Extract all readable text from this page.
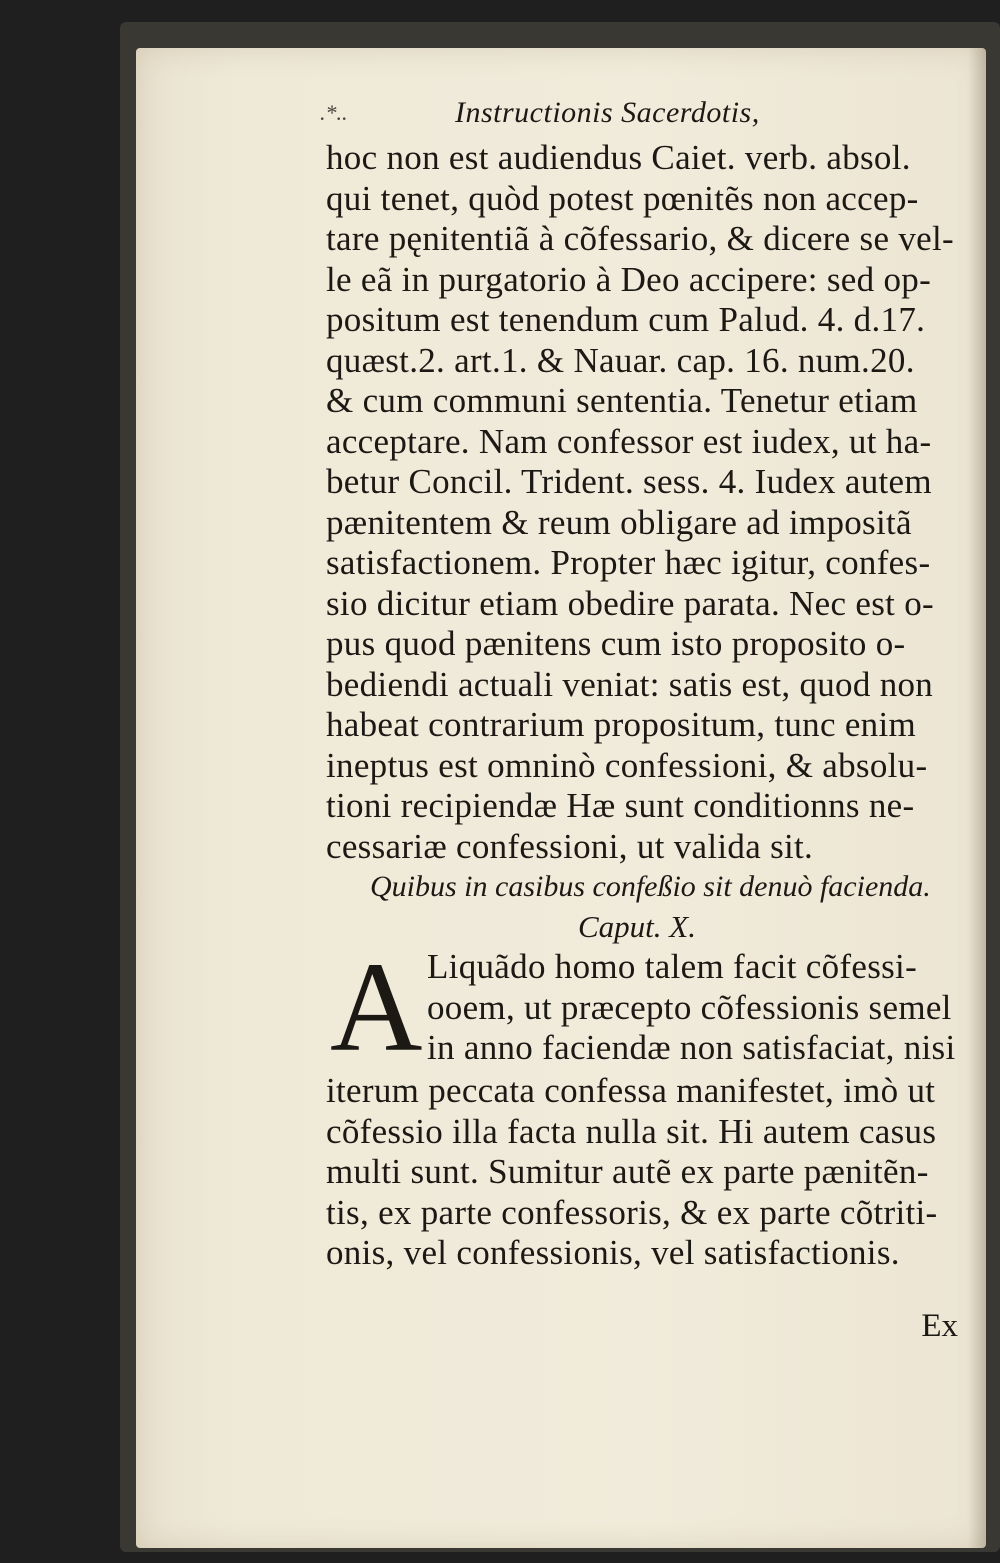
.*..	Instructionis Sacerdotis,
hoc non est audiendus Caiet. verb. absol.
qui tenet, quòd potest pœnitẽs non accep-
tare pęnitentiã à cõfessario, & dicere se vel-
le eã in purgatorio à Deo accipere: sed op-
positum est tenendum cum Palud. 4. d.17.
quæst.2. art.1. & Nauar. cap. 16. num.20.
& cum communi sententia. Tenetur etiam
acceptare. Nam confessor est iudex, ut ha-
betur Concil. Trident. sess. 4. Iudex autem
pænitentem & reum obligare ad impositã
satisfactionem. Propter hæc igitur, confes-
sio dicitur etiam obedire parata. Nec est o-
pus quod pænitens cum isto proposito o-
bediendi actuali veniat: satis est, quod non
habeat contrarium propositum, tunc enim
ineptus est omninò confessioni, & absolu-
tioni recipiendæ Hæ sunt conditionns ne-
cessariæ confessioni, ut valida sit.
Quibus in casibus confeßio sit denuò facienda.
Caput. X.
A Liquãdo homo talem facit cõfessi-
ooem, ut præcepto cõfessionis semel
in anno faciendæ non satisfaciat, nisi
iterum peccata confessa manifestet, imò ut
cõfessio illa facta nulla sit. Hi autem casus
multi sunt. Sumitur autẽ ex parte pænitẽn-
tis, ex parte confessoris, & ex parte cõtriti-
onis, vel confessionis, vel satisfactionis.
Ex
